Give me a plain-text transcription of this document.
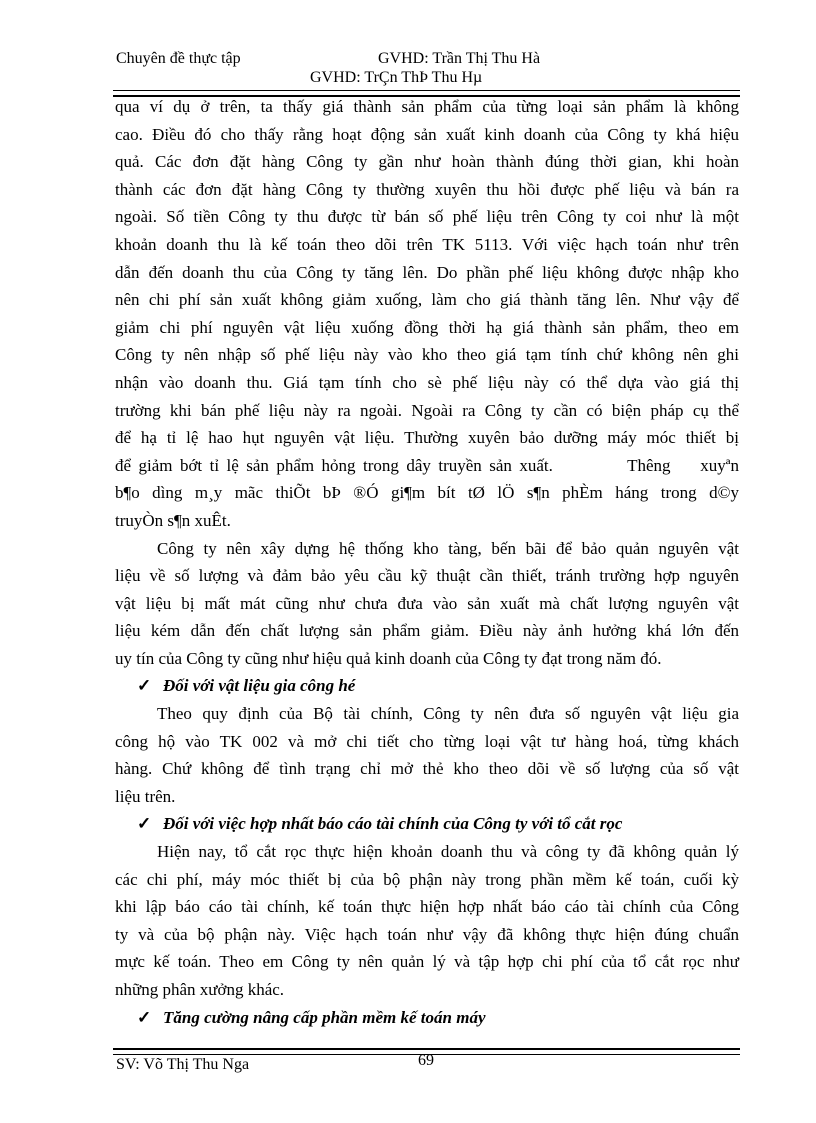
Chuyên đề thực tập	GVHD: Trần Thị Thu Hà
GVHD: TrÇn ThÞ Thu Hµ

qua ví dụ ở trên, ta thấy giá thành sản phẩm của từng loại sản phẩm là không

cao. Điều đó cho thấy rằng hoạt động sản xuất kinh doanh của Công ty khá hiệu

quả. Các đơn đặt hàng Công ty gần như hoàn thành đúng thời gian, khi hoàn

thành các đơn đặt hàng Công ty thường xuyên thu hồi được phế liệu và bán ra

ngoài. Số tiền Công ty thu được từ bán số phế liệu trên Công ty coi như là một

khoản doanh thu là kế toán theo dõi trên TK 5113. Với việc hạch toán như trên

dẫn đến doanh thu của Công ty tăng lên. Do phần phế liệu không được nhập kho

nên chi phí sản xuất không giảm xuống, làm cho giá thành tăng lên. Như vậy để

giảm chi phí nguyên vật liệu xuống đồng thời hạ giá thành sản phẩm, theo em

Công ty nên nhập số phế liệu này vào kho theo giá tạm tính chứ không nên ghi

nhận vào doanh thu. Giá tạm tính cho sè phế liệu này có thể dựa vào giá thị

trường khi bán phế liệu này ra ngoài. Ngoài ra Công ty cần có biện pháp cụ thể

để hạ tỉ lệ hao hụt nguyên vật liệu. Thường xuyên bảo dưỡng máy móc thiết bị

để giảm bớt tỉ lệ sản phẩm hỏng trong dây truyền sản xuất.          Thêng    xuyªn

b¶o dìng m¸y mãc thiÕt bÞ ®Ó gi¶m bít tØ lÖ s¶n phÈm háng trong d©y

truyÒn s¶n xuÊt.

Công ty nên xây dựng hệ thống kho tàng, bến bãi để bảo quản nguyên vật

liệu về số lượng và đảm bảo yêu cầu kỹ thuật cần thiết, tránh trường hợp nguyên

vật liệu bị mất mát cũng như chưa đưa vào sản xuất mà chất lượng nguyên vật

liệu kém dẫn đến chất lượng sản phẩm giảm. Điều này ảnh hưởng khá lớn đến

uy tín của Công ty cũng như hiệu quả kinh doanh của Công ty đạt trong năm đó.

✓ Đối với vật liệu gia công hé

Theo quy định của Bộ tài chính, Công ty nên đưa số nguyên vật liệu gia

công hộ vào TK 002 và mở chi tiết cho từng loại vật tư hàng hoá, từng khách

hàng. Chứ không để tình trạng chỉ mở thẻ kho theo dõi về số lượng của số vật

liệu trên.

✓ Đối với việc hợp nhất báo cáo tài chính của Công ty với tổ cắt rọc

Hiện nay, tổ cắt rọc thực hiện khoản doanh thu và công ty đã không quản lý

các chi phí, máy móc thiết bị của bộ phận này trong phần mềm kế toán, cuối kỳ

khi lập báo cáo tài chính, kế toán thực hiện hợp nhất báo cáo tài chính của Công

ty và của bộ phận này. Việc hạch toán như vậy đã không thực hiện đúng chuẩn

mực kế toán. Theo em Công ty nên quản lý và tập hợp chi phí của tổ cắt rọc như

những phân xưởng khác.

✓ Tăng cường nâng cấp phần mềm kế toán máy

SV: Võ Thị Thu Nga	69
